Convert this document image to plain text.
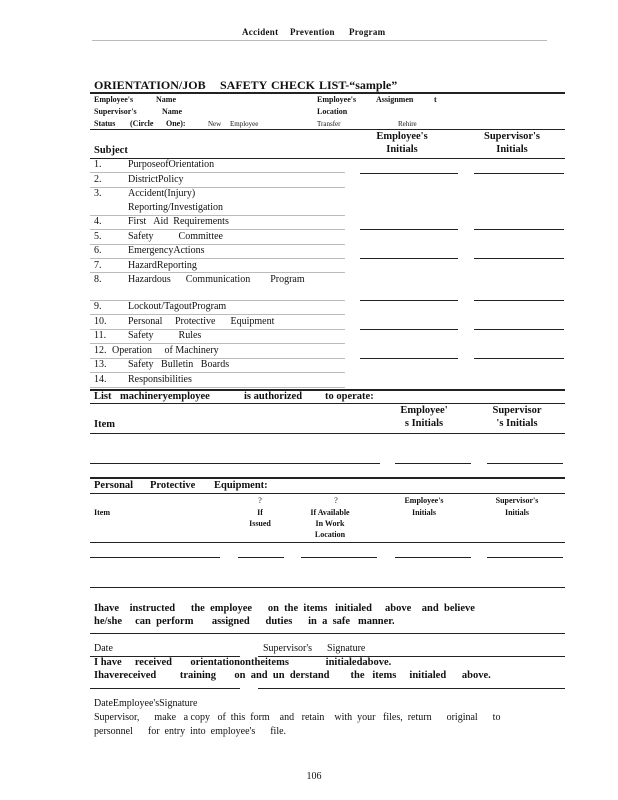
Accident Prevention Program
ORIENTATION/JOB SAFETY CHECK LIST-“sample”
Employee's	Name	Employee's Assignmen	t
Supervisor's	Name	Location
Status (Circle One):	New Employee	Transfer	Rehire
Employee's
Initials
Supervisor's
Initials
Subject
1.	PurposeofOrientation
2.	DistrictPolicy
3.	Accident(Injury)
Reporting/Investigation
4.	First   Aid  Requirements
5.	Safety          Committee
6.	EmergencyActions
7.	HazardReporting
8.	Hazardous      Communication        Program
9.	Lockout/TagoutProgram
10. Personal     Protective      Equipment
11. Safety          Rules
12. Operation     of Machinery
13. Safety   Bulletin   Boards
14. Responsibilities
List machineryemployee	is authorized to operate:
Employee'
s Initials
Supervisor
's Initials
Item
Personal Protective Equipment:
?
If
Issued
?
If Available
In Work
Location
Employee's
Initials
Supervisor's
Initials
Item
Ihave    instructed      the  employee      on  the  items   initialed     above    and  believe
he/she     can  perform       assigned      duties      in  a  safe   manner.
Date	Supervisor's      Signature
I have     received       orientationontheitems              initialedabove.
Ihavereceived         training       on  and  un  derstand        the   items     initialed      above.
DateEmployee'sSignature
Supervisor,      make   a copy   of  this  form    and   retain    with  your   files,  return      original      to
personnel      for  entry  into  employee's      file.
106
